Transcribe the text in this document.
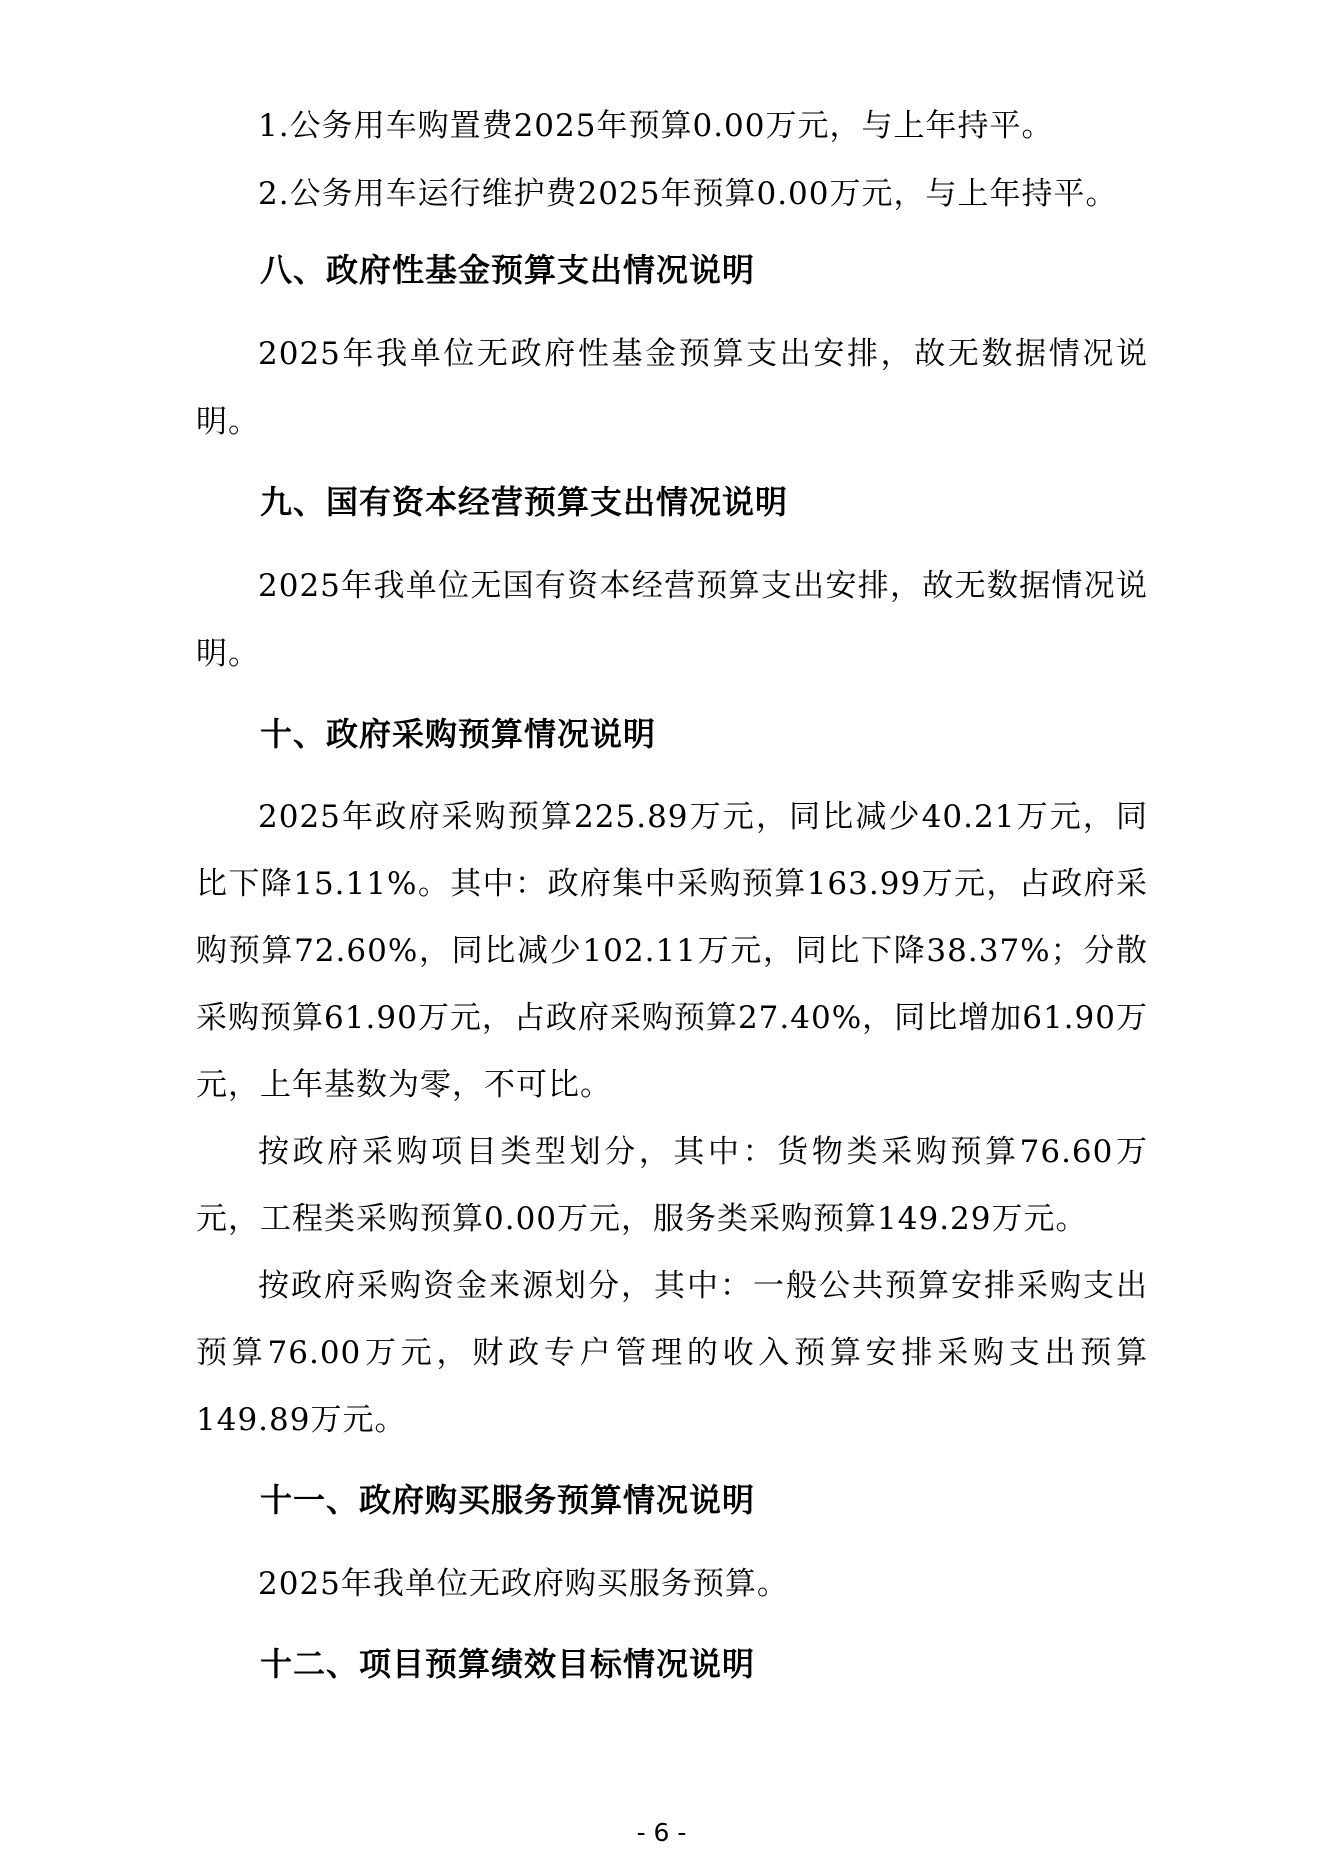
1.公务用车购置费2025年预算0.00万元，与上年持平。

2.公务用车运行维护费2025年预算0.00万元，与上年持平。

八、政府性基金预算支出情况说明

2025年我单位无政府性基金预算支出安排，故无数据情况说明。

九、国有资本经营预算支出情况说明

2025年我单位无国有资本经营预算支出安排，故无数据情况说明。

十、政府采购预算情况说明

2025年政府采购预算225.89万元，同比减少40.21万元，同比下降15.11%。其中：政府集中采购预算163.99万元，占政府采购预算72.60%，同比减少102.11万元，同比下降38.37%；分散采购预算61.90万元，占政府采购预算27.40%，同比增加61.90万元，上年基数为零，不可比。

按政府采购项目类型划分，其中：货物类采购预算76.60万元，工程类采购预算0.00万元，服务类采购预算149.29万元。

按政府采购资金来源划分，其中：一般公共预算安排采购支出预算76.00万元，财政专户管理的收入预算安排采购支出预算149.89万元。

十一、政府购买服务预算情况说明

2025年我单位无政府购买服务预算。

十二、项目预算绩效目标情况说明
- 6 -
